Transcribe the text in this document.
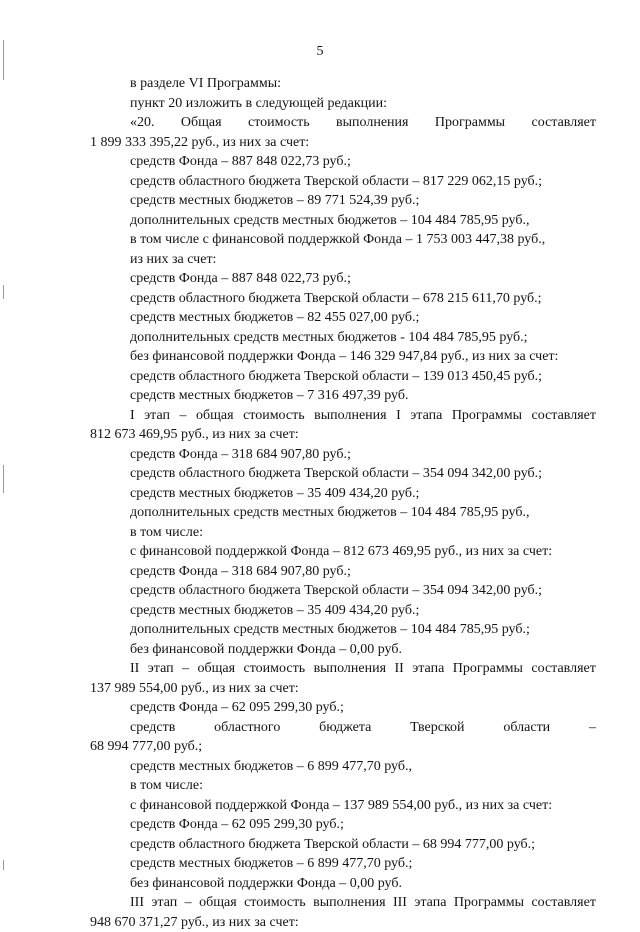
5
в разделе VI Программы:
пункт 20 изложить в следующей редакции:
«20. Общая стоимость выполнения Программы составляет
1 899 333 395,22 руб., из них за счет:
средств Фонда – 887 848 022,73 руб.;
средств областного бюджета Тверской области – 817 229 062,15 руб.;
средств местных бюджетов – 89 771 524,39 руб.;
дополнительных средств местных бюджетов – 104 484 785,95 руб.,
в том числе с финансовой поддержкой Фонда – 1 753 003 447,38 руб.,
из них за счет:
средств Фонда – 887 848 022,73 руб.;
средств областного бюджета Тверской области – 678 215 611,70 руб.;
средств местных бюджетов – 82 455 027,00 руб.;
дополнительных средств местных бюджетов - 104 484 785,95 руб.;
без финансовой поддержки Фонда – 146 329 947,84 руб., из них за счет:
средств областного бюджета Тверской области – 139 013 450,45 руб.;
средств местных бюджетов – 7 316 497,39 руб.
I этап – общая стоимость выполнения I этапа Программы составляет
812 673 469,95 руб., из них за счет:
средств Фонда – 318 684 907,80 руб.;
средств областного бюджета Тверской области – 354 094 342,00 руб.;
средств местных бюджетов – 35 409 434,20 руб.;
дополнительных средств местных бюджетов – 104 484 785,95 руб.,
в том числе:
с финансовой поддержкой Фонда – 812 673 469,95 руб., из них за счет:
средств Фонда – 318 684 907,80 руб.;
средств областного бюджета Тверской области – 354 094 342,00 руб.;
средств местных бюджетов – 35 409 434,20 руб.;
дополнительных средств местных бюджетов – 104 484 785,95 руб.;
без финансовой поддержки Фонда – 0,00 руб.
II этап – общая стоимость выполнения II этапа Программы составляет
137 989 554,00 руб., из них за счет:
средств Фонда – 62 095 299,30 руб.;
средств	областного	бюджета	Тверской	области	–
68 994 777,00 руб.;
средств местных бюджетов – 6 899 477,70 руб.,
в том числе:
с финансовой поддержкой Фонда – 137 989 554,00 руб., из них за счет:
средств Фонда – 62 095 299,30 руб.;
средств областного бюджета Тверской области – 68 994 777,00 руб.;
средств местных бюджетов – 6 899 477,70 руб.;
без финансовой поддержки Фонда – 0,00 руб.
III этап – общая стоимость выполнения III этапа Программы составляет
948 670 371,27 руб., из них за счет:
